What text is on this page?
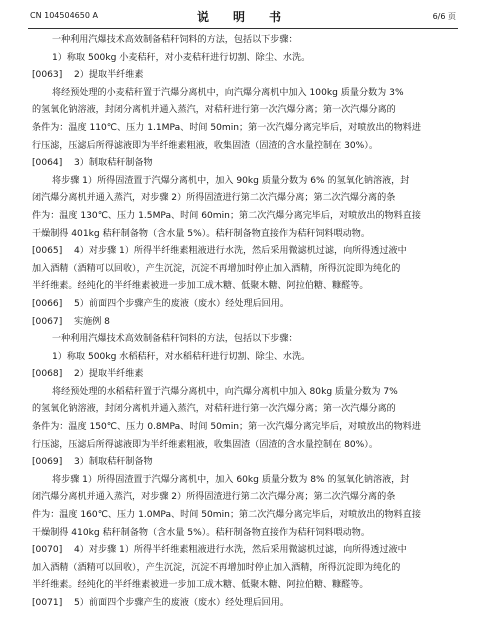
CN 104504650 A	说　明　书	6/6 页
一种利用汽爆技术高效制备秸秆饲料的方法，包括以下步骤：
1）称取 500kg 小麦秸秆，对小麦秸秆进行切割、除尘、水洗。
[0063] 2）提取半纤维素
将经预处理的小麦秸秆置于汽爆分离机中，向汽爆分离机中加入 100kg 质量分数为 3%
的氢氧化钠溶液，封闭分离机并通入蒸汽，对秸秆进行第一次汽爆分离；第一次汽爆分离的
条件为：温度 110℃、压力 1.1MPa、时间 50min；第一次汽爆分离完毕后，对喷放出的物料进
行压滤，压滤后所得滤液即为半纤维素粗液，收集固渣（固渣的含水量控制在 30%）。
[0064] 3）制取秸秆制备物
将步骤 1）所得固渣置于汽爆分离机中，加入 90kg 质量分数为 6% 的氢氧化钠溶液，封
闭汽爆分离机并通入蒸汽，对步骤 2）所得固渣进行第二次汽爆分离；第二次汽爆分离的条
件为：温度 130℃、压力 1.5MPa、时间 60min；第二次汽爆分离完毕后，对喷放出的物料直接
干燥制得 401kg 秸秆制备物（含水量 5%）。秸秆制备物直接作为秸秆饲料喂动物。
[0065] 4）对步骤 1）所得半纤维素粗液进行水洗，然后采用微滤机过滤，向所得透过液中
加入酒精（酒精可以回收），产生沉淀，沉淀不再增加时停止加入酒精，所得沉淀即为纯化的
半纤维素。经纯化的半纤维素被进一步加工成木糖、低聚木糖、阿拉伯糖、糠醛等。
[0066] 5）前面四个步骤产生的废液（废水）经处理后回用。
[0067] 实施例 8
一种利用汽爆技术高效制备秸秆饲料的方法，包括以下步骤：
1）称取 500kg 水稻秸秆，对水稻秸秆进行切割、除尘、水洗。
[0068] 2）提取半纤维素
将经预处理的水稻秸秆置于汽爆分离机中，向汽爆分离机中加入 80kg 质量分数为 7%
的氢氧化钠溶液，封闭分离机并通入蒸汽，对秸秆进行第一次汽爆分离；第一次汽爆分离的
条件为：温度 150℃、压力 0.8MPa、时间 50min；第一次汽爆分离完毕后，对喷放出的物料进
行压滤，压滤后所得滤液即为半纤维素粗液，收集固渣（固渣的含水量控制在 80%）。
[0069] 3）制取秸秆制备物
将步骤 1）所得固渣置于汽爆分离机中，加入 60kg 质量分数为 8% 的氢氧化钠溶液，封
闭汽爆分离机并通入蒸汽，对步骤 2）所得固渣进行第二次汽爆分离；第二次汽爆分离的条
件为：温度 160℃、压力 1.0MPa、时间 50min；第二次汽爆分离完毕后，对喷放出的物料直接
干燥制得 410kg 秸秆制备物（含水量 5%）。秸秆制备物直接作为秸秆饲料喂动物。
[0070] 4）对步骤 1）所得半纤维素粗液进行水洗，然后采用微滤机过滤，向所得透过液中
加入酒精（酒精可以回收），产生沉淀，沉淀不再增加时停止加入酒精，所得沉淀即为纯化的
半纤维素。经纯化的半纤维素被进一步加工成木糖、低聚木糖、阿拉伯糖、糠醛等。
[0071] 5）前面四个步骤产生的废液（废水）经处理后回用。
